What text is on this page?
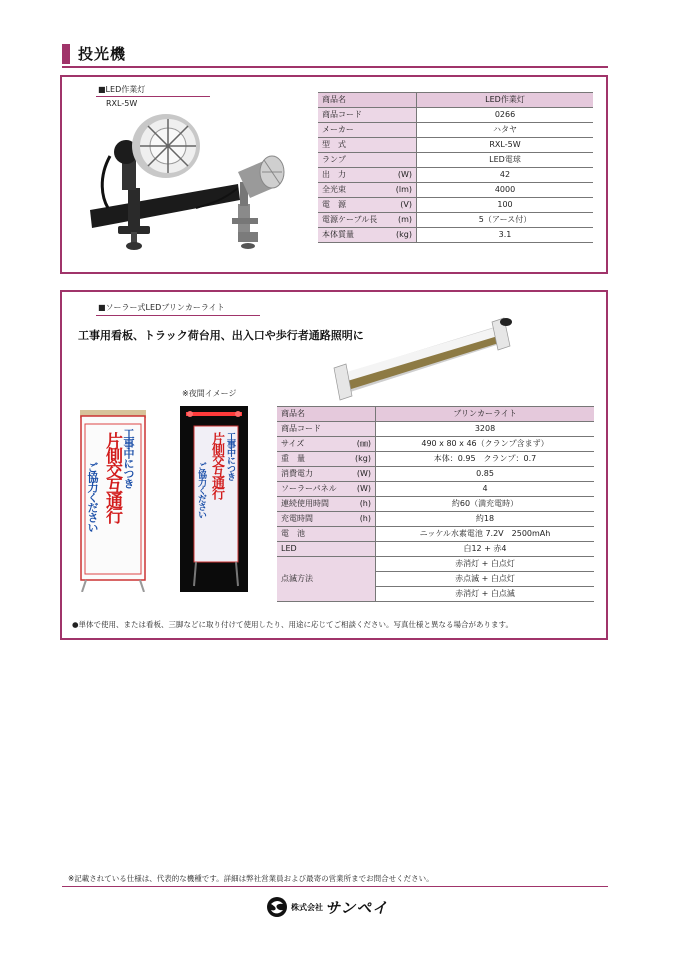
投光機
■LED作業灯
RXL-5W	商品名	LED作業灯
商品コード	0266
メーカー	ハタヤ
型　式	RXL-5W
ランプ	LED電球
出　力 (W)	42
全光束 (lm)	4000
電　源 (V)	100
電源ケーブル長 (m)	5（アース付）
本体質量 (kg)	3.1
■ソーラー式LEDブリンカーライト
工事用看板、トラック荷台用、出入口や歩行者通路照明に
※夜間イメージ
工事中につき
片側交互通行
ご協力ください
工事中につき
片側交互通行
ご協力ください
商品名	ブリンカーライト
商品コード	3208
サイズ (㎜)	490 x 80 x 46（クランプ含まず）
重　量 (kg)	本体：0.95　クランプ：0.7
消費電力 (W)	0.85
ソーラーパネル (W)	4
連続使用時間 (h)	約60（満充電時）
充電時間 (h)	約18
電　池	ニッケル水素電池 7.2V　2500mAh
LED	白12 + 赤4
点滅方法	赤消灯 + 白点灯
	赤点滅 + 白点灯
	赤消灯 + 白点滅
●単体で使用、または看板、三脚などに取り付けて使用したり、用途に応じてご相談ください。写真仕様と異なる場合があります。
※記載されている仕様は、代表的な機種です。詳細は弊社営業員および最寄の営業所までお問合せください。
株式会社 サンペイ
